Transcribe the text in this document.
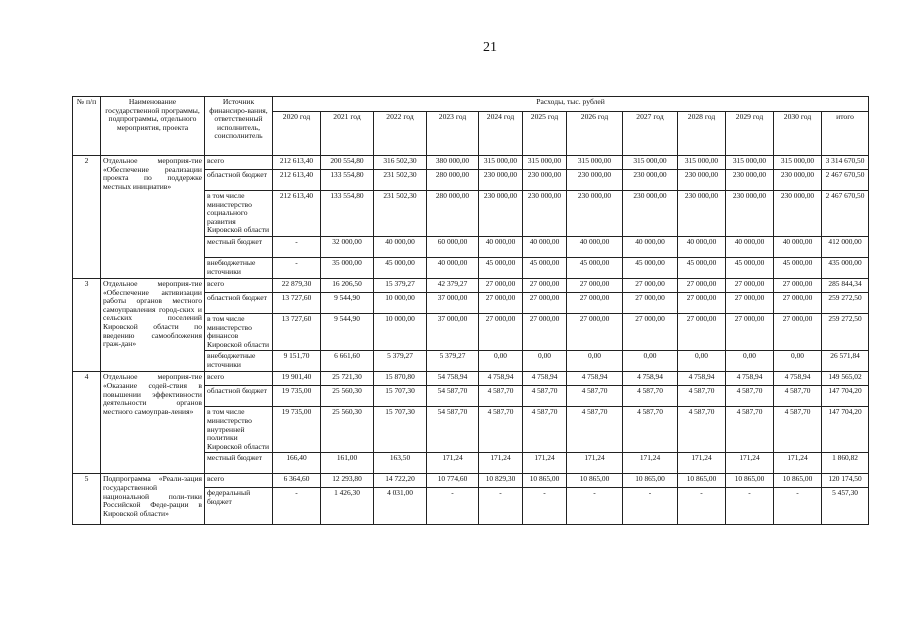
21
№ п/п	Наименование государственной программы, подпрограммы, отдельного мероприятия, проекта	Источник финансиро-вания, ответственный исполнитель, соисполнитель	Расходы, тыс. рублей											
			2020 год	2021 год	2022 год	2023 год	2024 год	2025 год	2026 год	2027 год	2028 год	2029 год	2030 год	итого
2	Отдельное мероприя-тие «Обеспечение реализации проекта по поддержке местных инициатив»	всего	212 613,40	200 554,80	316 502,30	380 000,00	315 000,00	315 000,00	315 000,00	315 000,00	315 000,00	315 000,00	315 000,00	3 314 670,50
		областной бюджет	212 613,40	133 554,80	231 502,30	280 000,00	230 000,00	230 000,00	230 000,00	230 000,00	230 000,00	230 000,00	230 000,00	2 467 670,50
		в том числе министерство социального развития Кировской области	212 613,40	133 554,80	231 502,30	280 000,00	230 000,00	230 000,00	230 000,00	230 000,00	230 000,00	230 000,00	230 000,00	2 467 670,50
		местный бюджет	-	32 000,00	40 000,00	60 000,00	40 000,00	40 000,00	40 000,00	40 000,00	40 000,00	40 000,00	40 000,00	412 000,00
		внебюджетные источники	-	35 000,00	45 000,00	40 000,00	45 000,00	45 000,00	45 000,00	45 000,00	45 000,00	45 000,00	45 000,00	435 000,00
3	Отдельное мероприя-тие «Обеспечение активизации работы органов местного самоуправления город-ских и сельских поселений Кировской области по введению самообложения граж-дан»	всего	22 879,30	16 206,50	15 379,27	42 379,27	27 000,00	27 000,00	27 000,00	27 000,00	27 000,00	27 000,00	27 000,00	285 844,34
		областной бюджет	13 727,60	9 544,90	10 000,00	37 000,00	27 000,00	27 000,00	27 000,00	27 000,00	27 000,00	27 000,00	27 000,00	259 272,50
		в том числе министерство финансов Кировской области	13 727,60	9 544,90	10 000,00	37 000,00	27 000,00	27 000,00	27 000,00	27 000,00	27 000,00	27 000,00	27 000,00	259 272,50
		внебюджетные источники	9 151,70	6 661,60	5 379,27	5 379,27	0,00	0,00	0,00	0,00	0,00	0,00	0,00	26 571,84
4	Отдельное мероприя-тие «Оказание содей-ствия в повышении эффективности деятельности органов местного самоуправ-ления»	всего	19 901,40	25 721,30	15 870,80	54 758,94	4 758,94	4 758,94	4 758,94	4 758,94	4 758,94	4 758,94	4 758,94	149 565,02
		областной бюджет	19 735,00	25 560,30	15 707,30	54 587,70	4 587,70	4 587,70	4 587,70	4 587,70	4 587,70	4 587,70	4 587,70	147 704,20
		в том числе министерство внутренней политики Кировской области	19 735,00	25 560,30	15 707,30	54 587,70	4 587,70	4 587,70	4 587,70	4 587,70	4 587,70	4 587,70	4 587,70	147 704,20
		местный бюджет	166,40	161,00	163,50	171,24	171,24	171,24	171,24	171,24	171,24	171,24	171,24	1 860,82
5	Подпрограмма «Реали-зация государственной национальной поли-тики Российской Феде-рации в Кировской области»	всего	6 364,60	12 293,80	14 722,20	10 774,60	10 829,30	10 865,00	10 865,00	10 865,00	10 865,00	10 865,00	10 865,00	120 174,50
		федеральный бюджет	-	1 426,30	4 031,00	-	-	-	-	-	-	-	-	5 457,30
